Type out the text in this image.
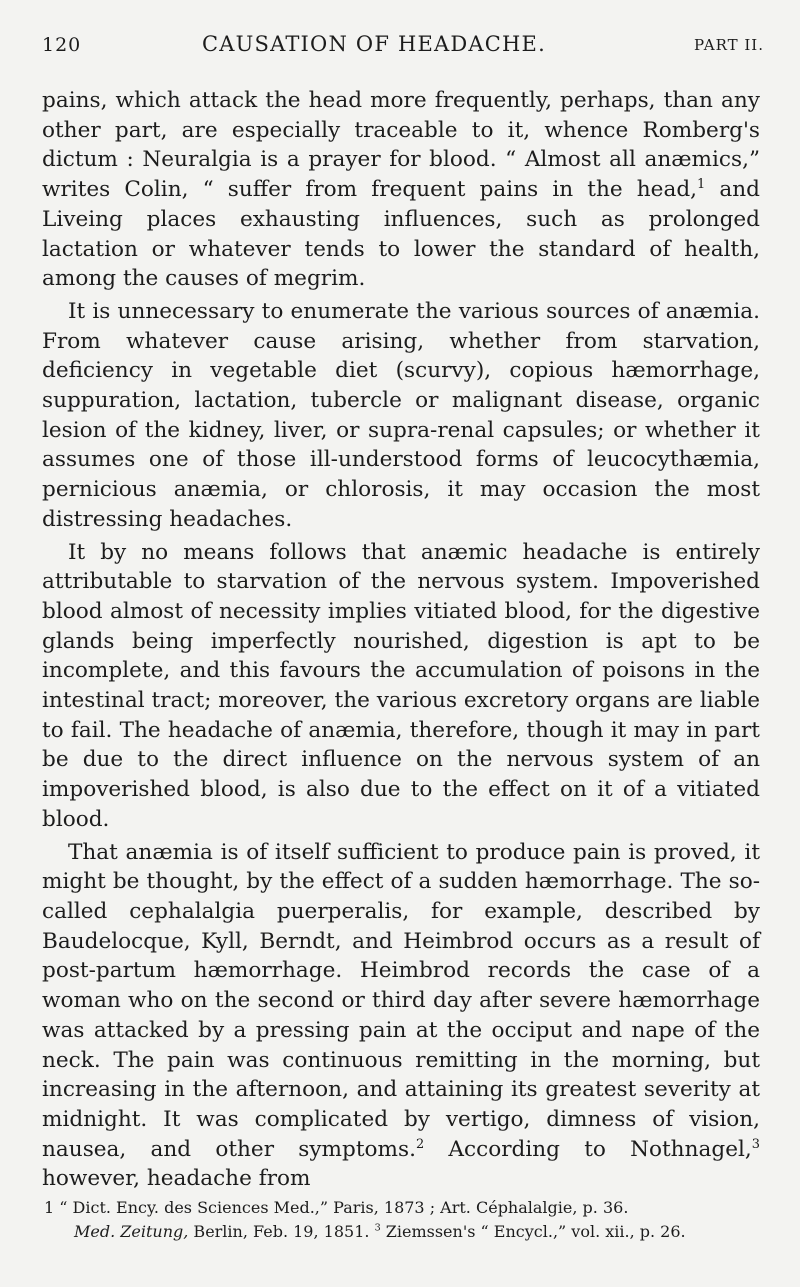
120	CAUSATION OF HEADACHE.	PART II.

pains, which attack the head more frequently, perhaps, than any other part, are especially traceable to it, whence Romberg's dictum : Neuralgia is a prayer for blood. “ Almost all anæmics,” writes Colin, “ suffer from frequent pains in the head,$^1$ and Liveing places exhausting influences, such as prolonged lactation or whatever tends to lower the standard of health, among the causes of megrim.

It is unnecessary to enumerate the various sources of anæmia. From whatever cause arising, whether from starvation, deficiency in vegetable diet (scurvy), copious hæmorrhage, suppuration, lactation, tubercle or malignant disease, organic lesion of the kidney, liver, or supra-renal capsules; or whether it assumes one of those ill-understood forms of leucocythæmia, pernicious anæmia, or chlorosis, it may occasion the most distressing headaches.

It by no means follows that anæmic headache is entirely attributable to starvation of the nervous system. Impoverished blood almost of necessity implies vitiated blood, for the digestive glands being imperfectly nourished, digestion is apt to be incomplete, and this favours the accumulation of poisons in the intestinal tract; moreover, the various excretory organs are liable to fail. The headache of anæmia, therefore, though it may in part be due to the direct influence on the nervous system of an impoverished blood, is also due to the effect on it of a vitiated blood.

That anæmia is of itself sufficient to produce pain is proved, it might be thought, by the effect of a sudden hæmorrhage. The so-called cephalalgia puerperalis, for example, described by Baudelocque, Kyll, Berndt, and Heimbrod occurs as a result of post-partum hæmorrhage. Heimbrod records the case of a woman who on the second or third day after severe hæmorrhage was attacked by a pressing pain at the occiput and nape of the neck. The pain was continuous remitting in the morning, but increasing in the afternoon, and attaining its greatest severity at midnight. It was complicated by vertigo, dimness of vision, nausea, and other symptoms.$^2$ According to Nothnagel,$^3$ however, headache from

1 “ Dict. Ency. des Sciences Med.,” Paris, 1873 ; Art. Céphalalgie, p. 36.
Med. Zeitung, Berlin, Feb. 19, 1851. $^3$ Ziemssen's “ Encycl.,” vol. xii., p. 26.
